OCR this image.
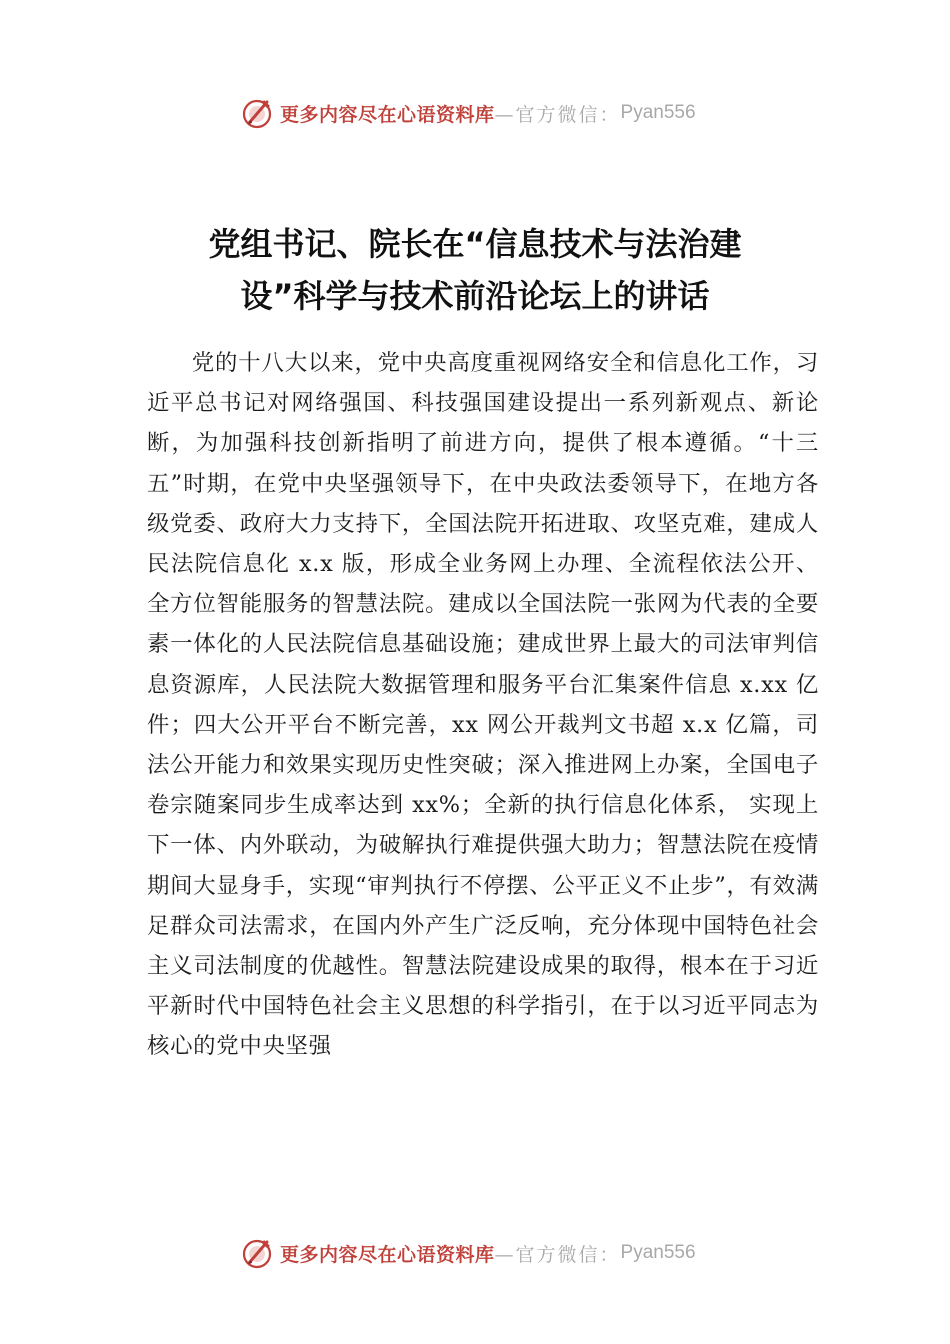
更多内容尽在心语资料库 —官方微信： Pyan556
党组书记、院长在“信息技术与法治建
设”科学与技术前沿论坛上的讲话

党的十八大以来，党中央高度重视网络安全和信息化工作，习近平总书记对网络强国、科技强国建设提出一系列新观点、新论断，为加强科技创新指明了前进方向，提供了根本遵循。“十三五”时期，在党中央坚强领导下，在中央政法委领导下，在地方各级党委、政府大力支持下，全国法院开拓进取、攻坚克难，建成人民法院信息化 x.x 版，形成全业务网上办理、全流程依法公开、全方位智能服务的智慧法院。建成以全国法院一张网为代表的全要素一体化的人民法院信息基础设施；建成世界上最大的司法审判信息资源库，人民法院大数据管理和服务平台汇集案件信息 x.xx 亿件；四大公开平台不断完善，xx 网公开裁判文书超 x.x 亿篇，司法公开能力和效果实现历史性突破；深入推进网上办案，全国电子卷宗随案同步生成率达到 xx%；全新的执行信息化体系， 实现上下一体、内外联动，为破解执行难提供强大助力；智慧法院在疫情期间大显身手，实现“审判执行不停摆、公平正义不止步”，有效满足群众司法需求，在国内外产生广泛反响，充分体现中国特色社会主义司法制度的优越性。智慧法院建设成果的取得，根本在于习近平新时代中国特色社会主义思想的科学指引，在于以习近平同志为核心的党中央坚强

更多内容尽在心语资料库 —官方微信： Pyan556
